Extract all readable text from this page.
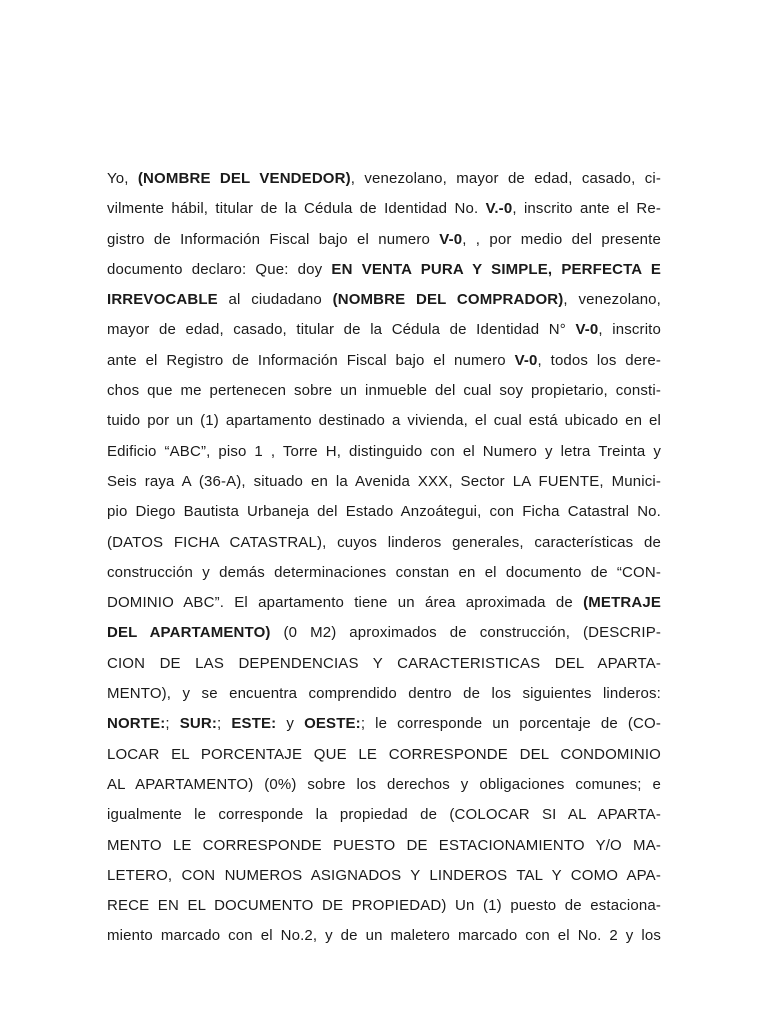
Yo, (NOMBRE DEL VENDEDOR), venezolano, mayor de edad, casado, ci-
vilmente hábil, titular de la Cédula de Identidad No. V.-0, inscrito ante el Re-
gistro de Información Fiscal bajo el numero V-0, , por medio del presente
documento declaro: Que: doy EN VENTA PURA Y SIMPLE, PERFECTA E
IRREVOCABLE al ciudadano (NOMBRE DEL COMPRADOR), venezolano,
mayor de edad, casado, titular de la Cédula de Identidad N° V-0, inscrito
ante el Registro de Información Fiscal bajo el numero V-0, todos los dere-
chos que me pertenecen sobre un inmueble del cual soy propietario, consti-
tuido por un (1) apartamento destinado a vivienda, el cual está ubicado en el
Edificio “ABC”, piso 1 , Torre H, distinguido con el Numero y letra Treinta y
Seis raya A (36-A), situado en la Avenida XXX, Sector LA FUENTE, Munici-
pio Diego Bautista Urbaneja del Estado Anzoátegui, con Ficha Catastral No.
(DATOS FICHA CATASTRAL), cuyos linderos generales, características de
construcción y demás determinaciones constan en el documento de “CON-
DOMINIO ABC”. El apartamento tiene un área aproximada de (METRAJE
DEL APARTAMENTO) (0 M2) aproximados de construcción, (DESCRIP-
CION DE LAS DEPENDENCIAS Y CARACTERISTICAS DEL APARTA-
MENTO), y se encuentra comprendido dentro de los siguientes linderos:
NORTE:; SUR:; ESTE: y OESTE:; le corresponde un porcentaje de (CO-
LOCAR EL PORCENTAJE QUE LE CORRESPONDE DEL CONDOMINIO
AL APARTAMENTO) (0%) sobre los derechos y obligaciones comunes; e
igualmente le corresponde la propiedad de (COLOCAR SI AL APARTA-
MENTO LE CORRESPONDE PUESTO DE ESTACIONAMIENTO Y/O MA-
LETERO, CON NUMEROS ASIGNADOS Y LINDEROS TAL Y COMO APA-
RECE EN EL DOCUMENTO DE PROPIEDAD) Un (1) puesto de estaciona-
miento marcado con el No.2, y de un maletero marcado con el No. 2 y los
